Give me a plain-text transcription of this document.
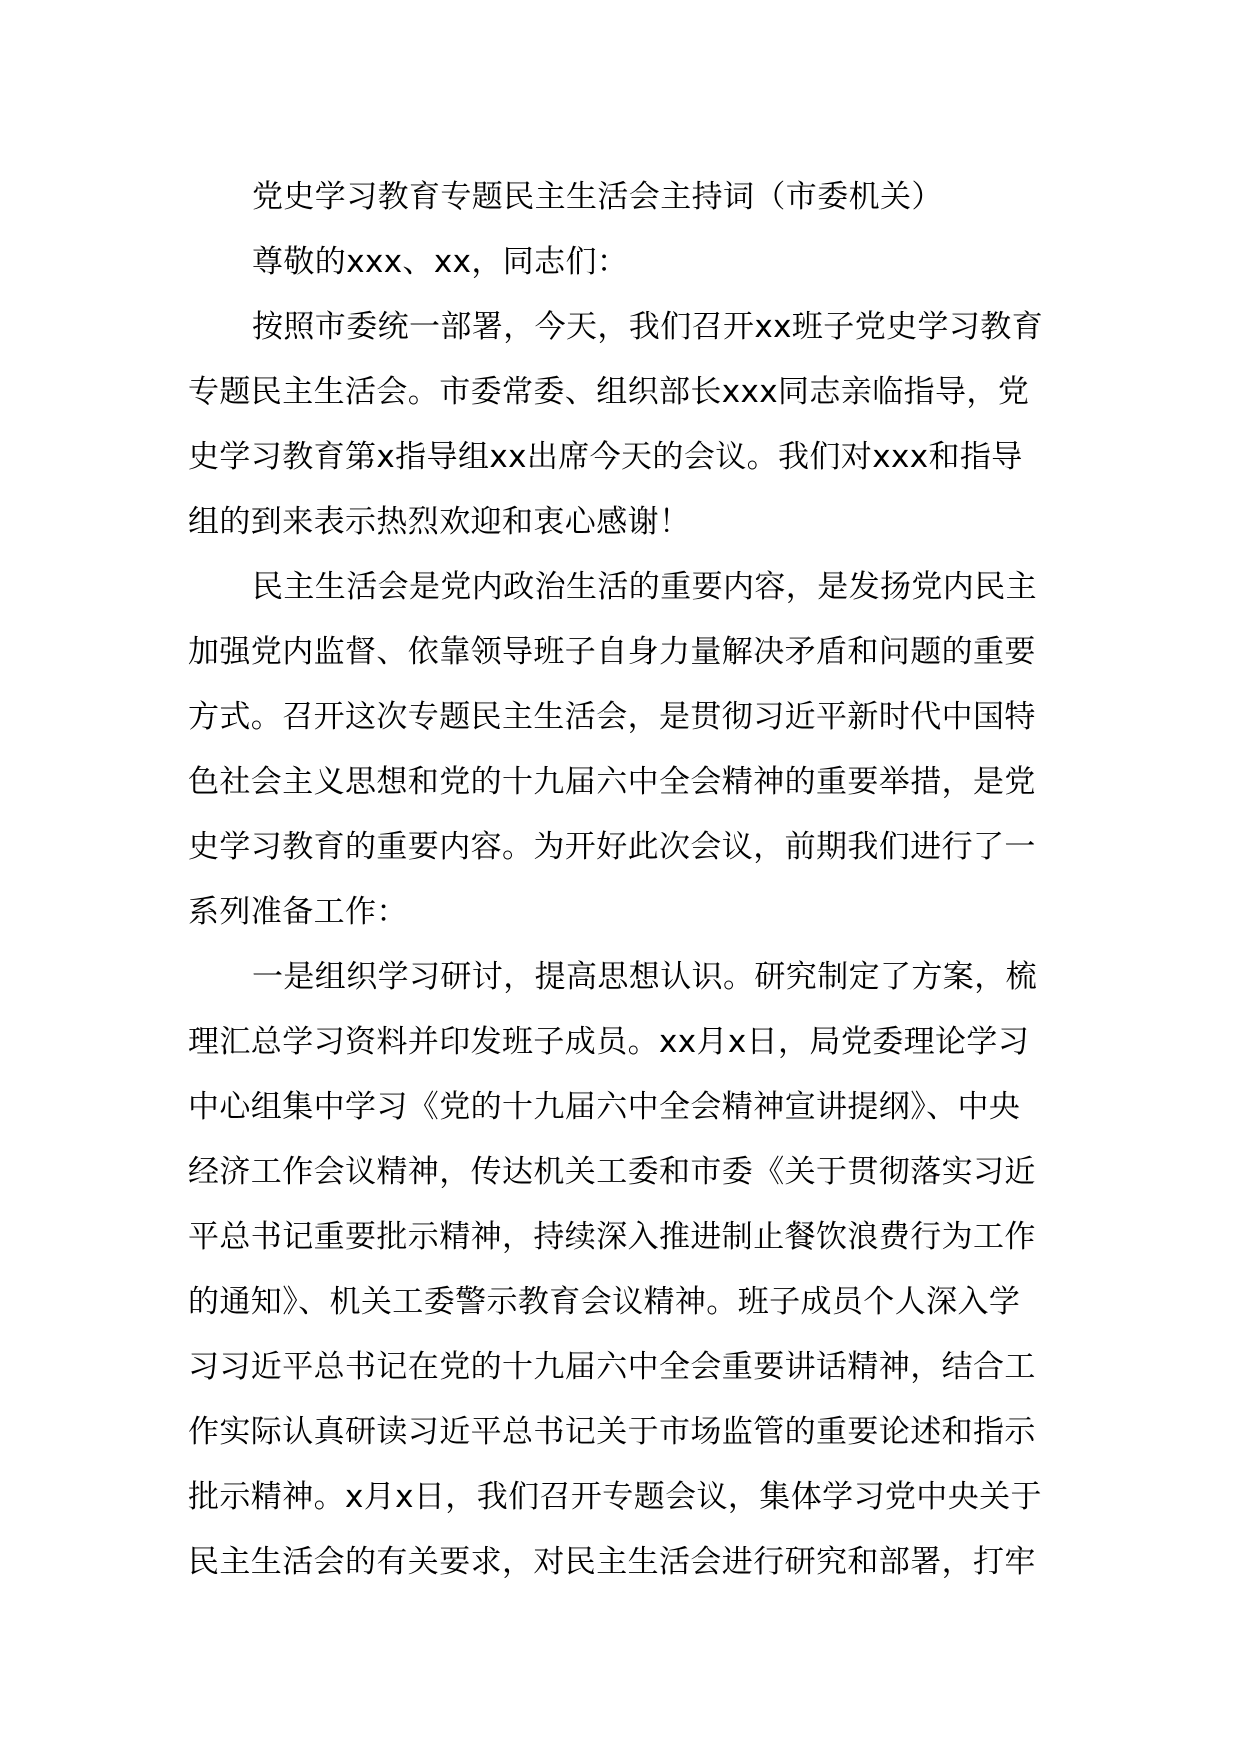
党史学习教育专题民主生活会主持词（市委机关）
尊敬的xxx、xx，同志们：
按照市委统一部署，今天，我们召开xx班子党史学习教育
专题民主生活会。市委常委、组织部长xxx同志亲临指导，党
史学习教育第x指导组xx出席今天的会议。我们对xxx和指导
组的到来表示热烈欢迎和衷心感谢！
民主生活会是党内政治生活的重要内容，是发扬党内民主
加强党内监督、依靠领导班子自身力量解决矛盾和问题的重要
方式。召开这次专题民主生活会，是贯彻习近平新时代中国特
色社会主义思想和党的十九届六中全会精神的重要举措，是党
史学习教育的重要内容。为开好此次会议，前期我们进行了一
系列准备工作：
一是组织学习研讨，提高思想认识。研究制定了方案，梳
理汇总学习资料并印发班子成员。xx月x日，局党委理论学习
中心组集中学习《党的十九届六中全会精神宣讲提纲》、中央
经济工作会议精神，传达机关工委和市委《关于贯彻落实习近
平总书记重要批示精神，持续深入推进制止餐饮浪费行为工作
的通知》、机关工委警示教育会议精神。班子成员个人深入学
习习近平总书记在党的十九届六中全会重要讲话精神，结合工
作实际认真研读习近平总书记关于市场监管的重要论述和指示
批示精神。x月x日，我们召开专题会议，集体学习党中央关于
民主生活会的有关要求，对民主生活会进行研究和部署，打牢
